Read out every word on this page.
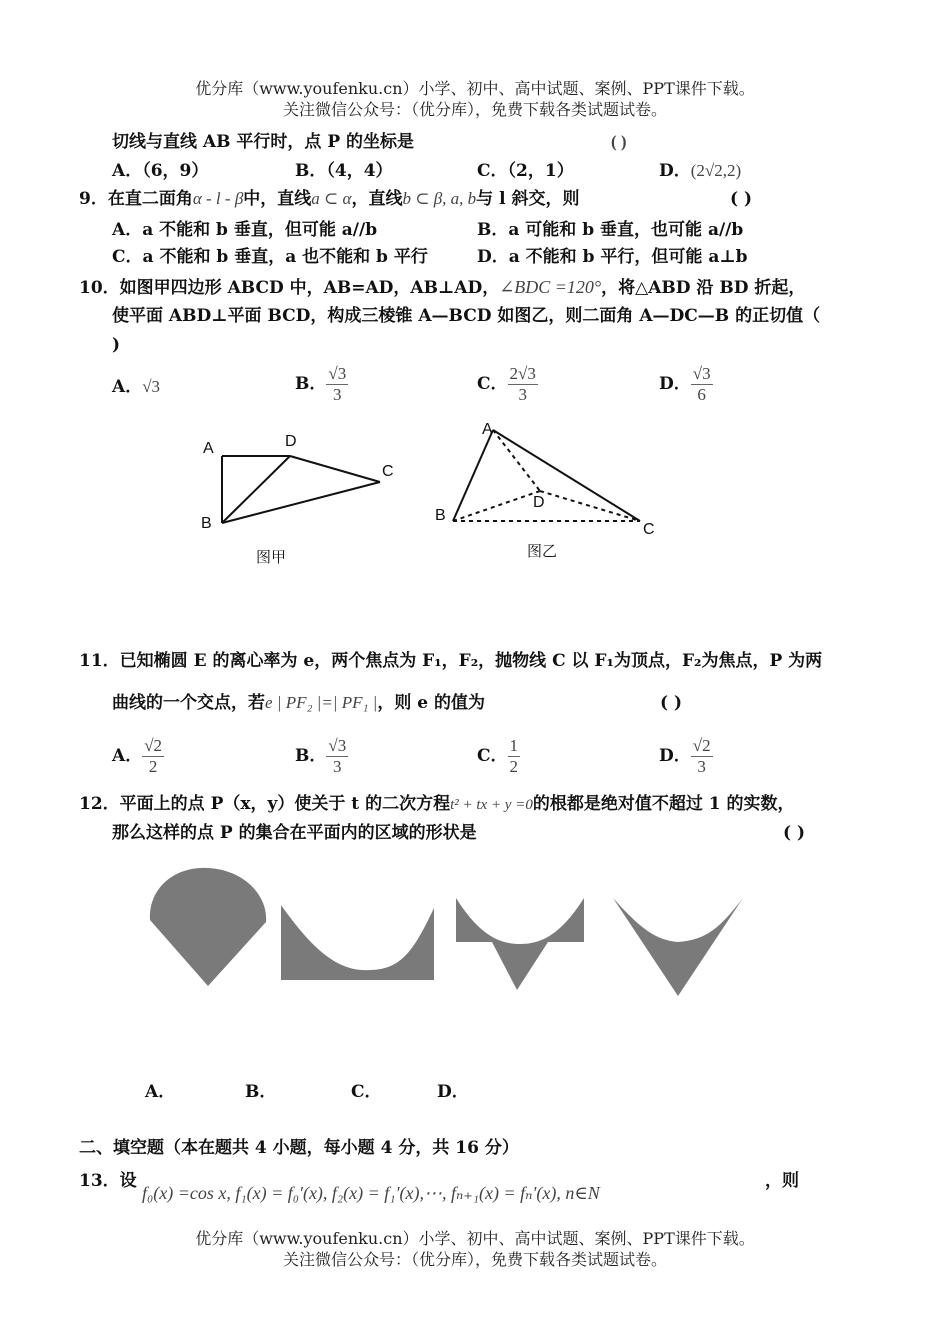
优分库（www.youfenku.cn）小学、初中、高中试题、案例、PPT课件下载。
关注微信公众号：（优分库），免费下载各类试题试卷。
切线与直线 AB 平行时，点 P 的坐标是	( )
A．（6，9）	B．（4，4）	C．（2，1）	D．(2√2,2)
9．在直二面角α - l - β中，直线a ⊂ α，直线b ⊂ β, a, b与 l 斜交，则	( )
A．a 不能和 b 垂直，但可能 a//b	B．a 可能和 b 垂直，也可能 a//b
C．a 不能和 b 垂直，a 也不能和 b 平行	D．a 不能和 b 平行，但可能 a⊥b
10．如图甲四边形 ABCD 中，AB=AD，AB⊥AD，∠BDC =120°，将△ABD 沿 BD 折起，
使平面 ABD⊥平面 BCD，构成三棱锥 A—BCD 如图乙，则二面角 A—DC—B 的正切值（
)
A．√3	B． $\frac{√3}{3}$	C． $\frac{2√3}{3}$	D． $\frac{√3}{6}$
A	D
C
B
图甲
A
D
B
C
图乙
11．已知椭圆 E 的离心率为 e，两个焦点为 F₁，F₂，抛物线 C 以 F₁为顶点，F₂为焦点，P 为两
曲线的一个交点，若e | PF₂ |=| PF₁ |，则 e 的值为	( )
A． $\frac{√2}{2}$	B． $\frac{√3}{3}$	C． $\frac{1}{2}$	D． $\frac{√2}{3}$
12．平面上的点 P（x，y）使关于 t 的二次方程t² + tx + y =0的根都是绝对值不超过 1 的实数，
那么这样的点 P 的集合在平面内的区域的形状是	( )
A．	B．	C．	D．
二、填空题（本在题共 4 小题，每小题 4 分，共 16 分）
13．设
f₀(x) =cos x, f₁(x) = f₀′(x), f₂(x) = f₁′(x),⋯, fₙ₊₁(x) = fₙ′(x), n∈N
，则
优分库（www.youfenku.cn）小学、初中、高中试题、案例、PPT课件下载。
关注微信公众号：（优分库），免费下载各类试题试卷。
